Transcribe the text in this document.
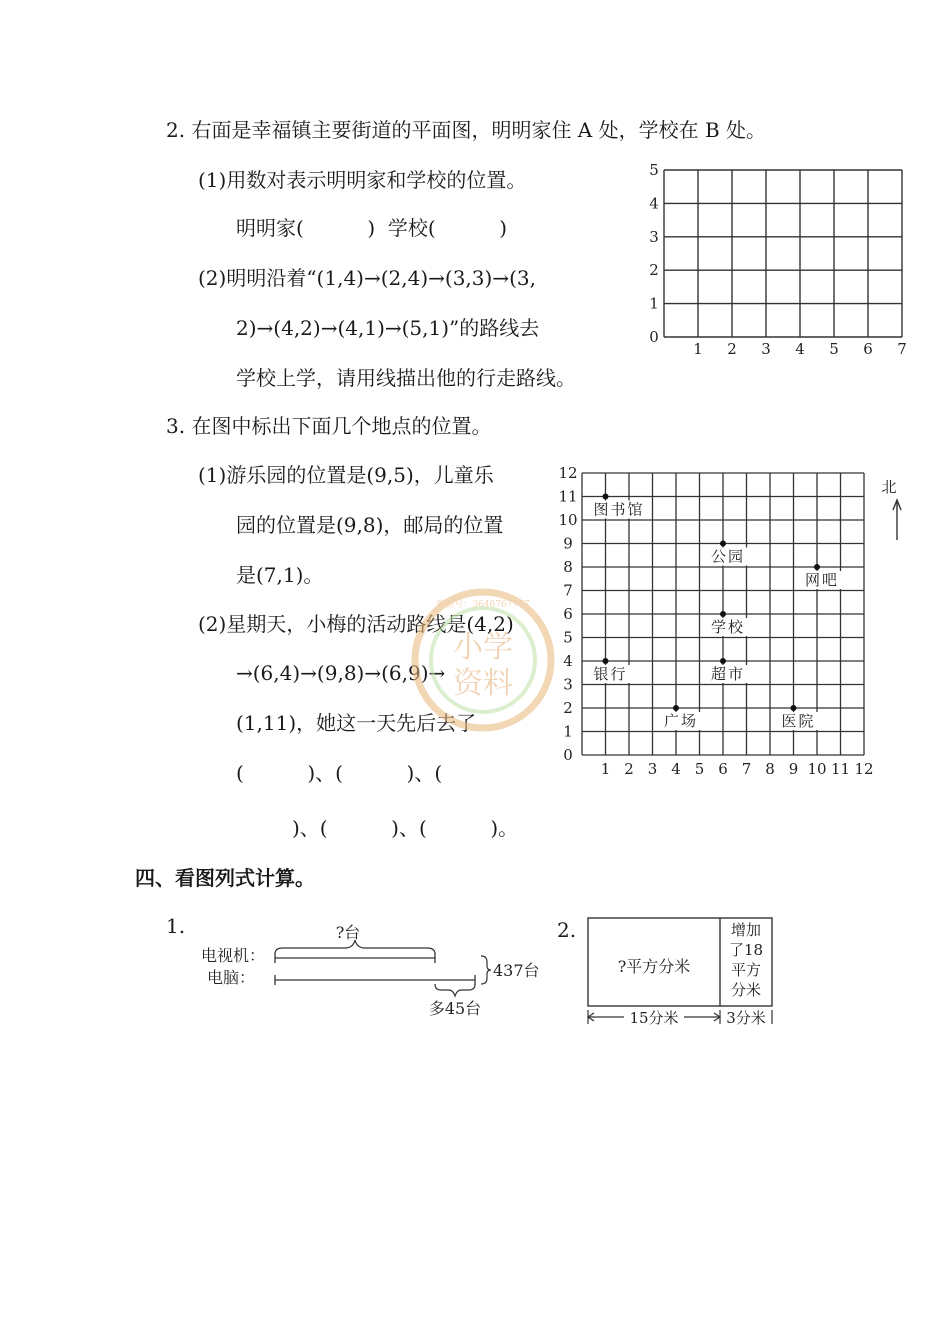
2. 右面是幸福镇主要街道的平面图，明明家住 A 处，学校在 B 处。
(1)用数对表示明明家和学校的位置。
明明家(          )  学校(          )
(2)明明沿着“(1,4)→(2,4)→(3,3)→(3,
2)→(4,2)→(4,1)→(5,1)”的路线去
学校上学，请用线描出他的行走路线。
0
1 2 3 4 5 6 7
1
2
3
4
5
3. 在图中标出下面几个地点的位置。
(1)游乐园的位置是(9,5)，儿童乐
园的位置是(9,8)，邮局的位置
是(7,1)。
(2)星期天，小梅的活动路线是(4,2)
→(6,4)→(9,8)→(6,9)→
(1,11)，她这一天先后去了
(          )、(          )、(
)、(          )、(          )。
0
1 2 3 4 5 6 7 8 9 10 11 12
1
2
3
4
5
6
7
8
9
10
11
12
图书馆
公园
网吧
学校
银行	超市
广场	医院
北
小学
资料
微信号：3640767767
四、看图列式计算。
1.
电视机：
电脑：
?台
437台
多45台
2.
?平方分米
增加
了18
平方
分米
15分米	3分米
